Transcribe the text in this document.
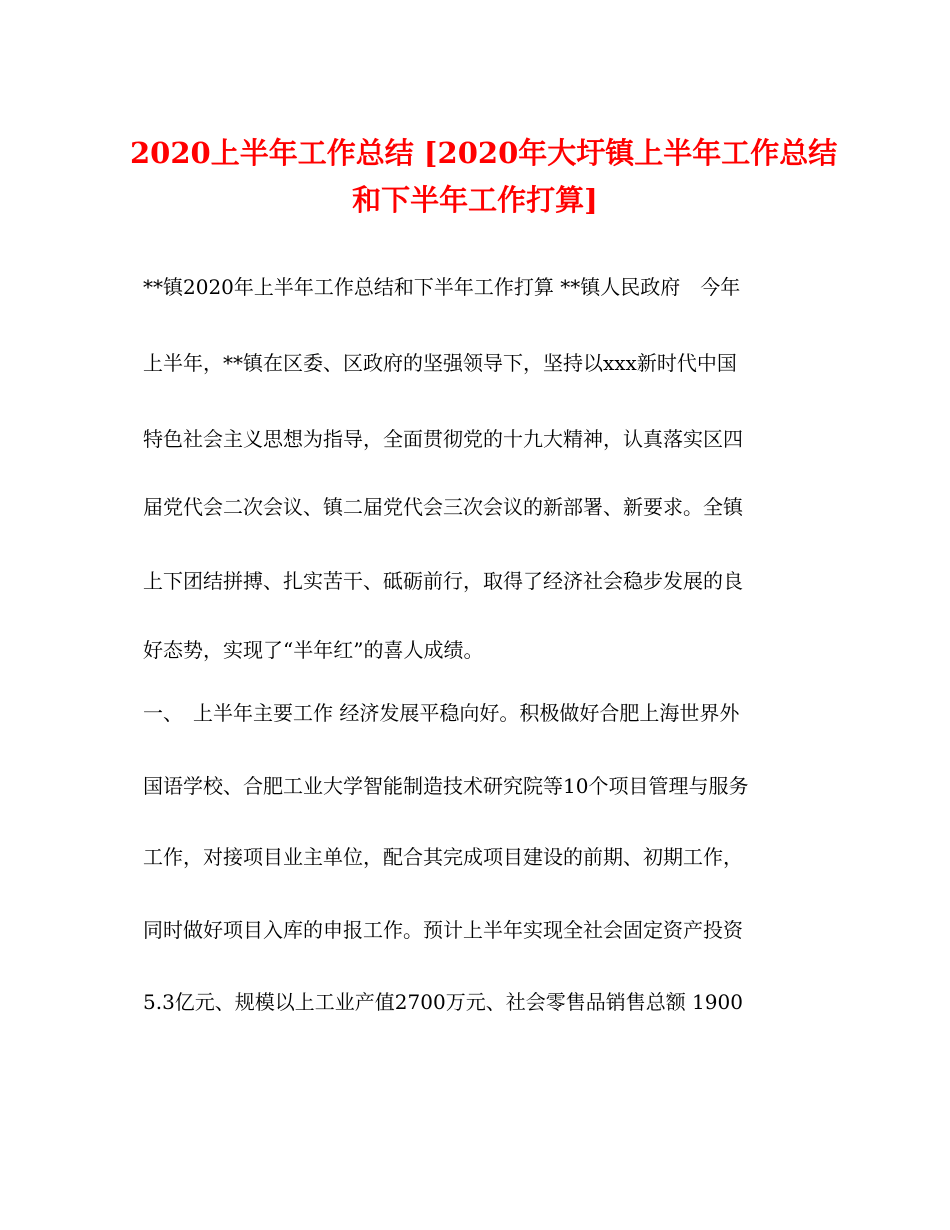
2020上半年工作总结 [2020年大圩镇上半年工作总结
和下半年工作打算]
**镇2020年上半年工作总结和下半年工作打算 **镇人民政府　今年
上半年，**镇在区委、区政府的坚强领导下，坚持以xxx新时代中国
特色社会主义思想为指导，全面贯彻党的十九大精神，认真落实区四
届党代会二次会议、镇二届党代会三次会议的新部署、新要求。全镇
上下团结拼搏、扎实苦干、砥砺前行，取得了经济社会稳步发展的良
好态势，实现了“半年红”的喜人成绩。
一、　上半年主要工作 经济发展平稳向好。积极做好合肥上海世界外
国语学校、合肥工业大学智能制造技术研究院等10个项目管理与服务
工作，对接项目业主单位，配合其完成项目建设的前期、初期工作，
同时做好项目入库的申报工作。预计上半年实现全社会固定资产投资
5.3亿元、规模以上工业产值2700万元、社会零售品销售总额 1900
